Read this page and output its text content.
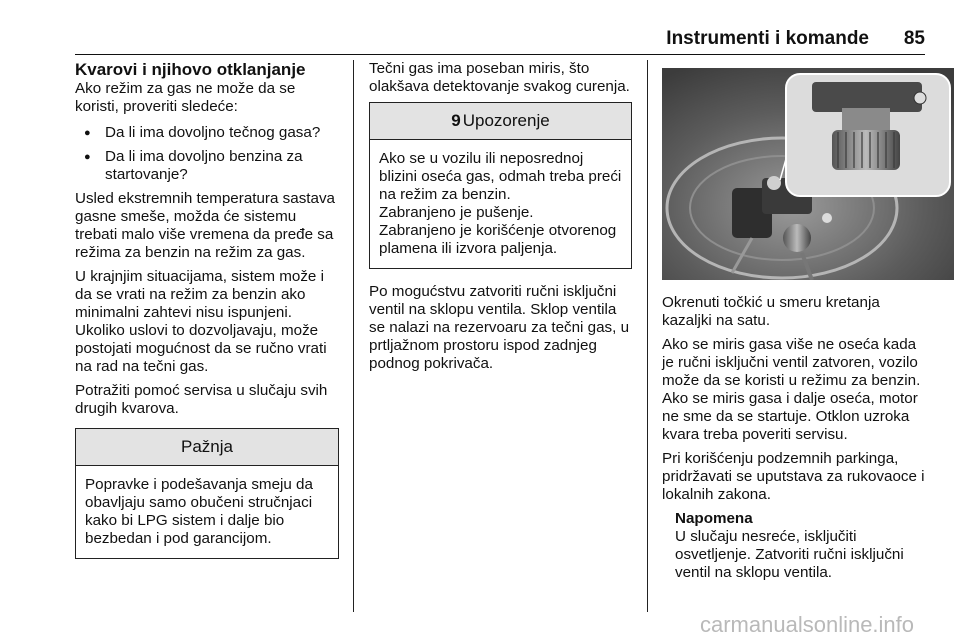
Instrumenti i komande 85

Kvarovi i njihovo otklanjanje

Ako režim za gas ne može da se koristi, proveriti sledeće:

● Da li ima dovoljno tečnog gasa?
● Da li ima dovoljno benzina za startovanje?

Usled ekstremnih temperatura sastava gasne smeše, možda će sistemu trebati malo više vremena da pređe sa režima za benzin na režim za gas.

U krajnjim situacijama, sistem može i da se vrati na režim za benzin ako minimalni zahtevi nisu ispunjeni. Ukoliko uslovi to dozvoljavaju, može postojati mogućnost da se ručno vrati na rad na tečni gas.

Potražiti pomoć servisa u slučaju svih drugih kvarova.

Pažnja
Popravke i podešavanja smeju da obavljaju samo obučeni stručnjaci kako bi LPG sistem i dalje bio bezbedan i pod garancijom.

Tečni gas ima poseban miris, što olakšava detektovanje svakog curenja.

9 Upozorenje

Ako se u vozilu ili neposrednoj blizini oseća gas, odmah treba preći na režim za benzin.

Zabranjeno je pušenje.

Zabranjeno je korišćenje otvorenog plamena ili izvora paljenja.

Po mogućstvu zatvoriti ručni isključni ventil na sklopu ventila. Sklop ventila se nalazi na rezervoaru za tečni gas, u prtljažnom prostoru ispod zadnjeg podnog pokrivača.

Okrenuti točkić u smeru kretanja kazaljki na satu.

Ako se miris gasa više ne oseća kada je ručni isključni ventil zatvoren, vozilo može da se koristi u režimu za benzin. Ako se miris gasa i dalje oseća, motor ne sme da se startuje. Otklon uzroka kvara treba poveriti servisu.

Pri korišćenju podzemnih parkinga, pridržavati se uputstava za rukovaoce i lokalnih zakona.

Napomena

U slučaju nesreće, isključiti osvetljenje. Zatvoriti ručni isključni ventil na sklopu ventila.

carmanualsonline.info
